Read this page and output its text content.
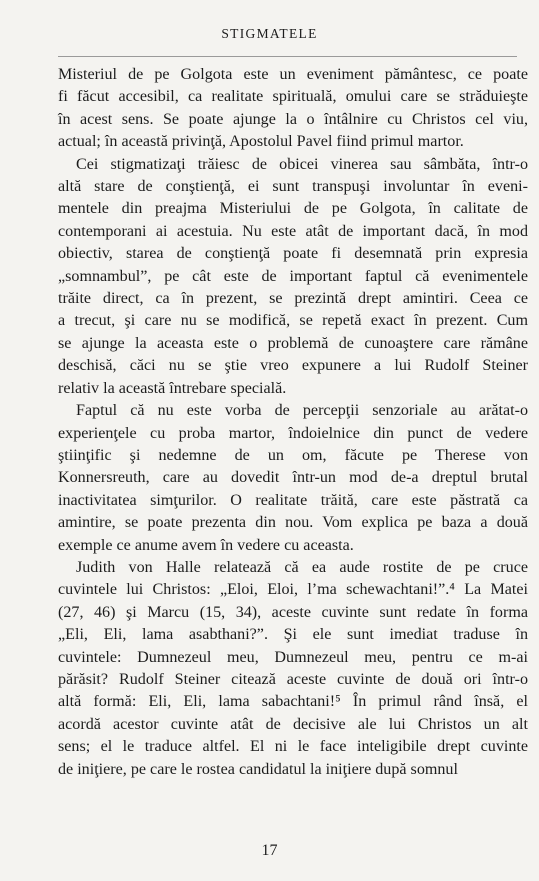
STIGMATELE

Misteriul de pe Golgota este un eveniment pământesc, ce poate
fi făcut accesibil, ca realitate spirituală, omului care se străduieşte
în acest sens. Se poate ajunge la o întâlnire cu Christos cel viu,
actual; în această privinţă, Apostolul Pavel fiind primul martor.

Cei stigmatizaţi trăiesc de obicei vinerea sau sâmbăta, într-o
altă stare de conştienţă, ei sunt transpuşi involuntar în eveni-
mentele din preajma Misteriului de pe Golgota, în calitate de
contemporani ai acestuia. Nu este atât de important dacă, în mod
obiectiv, starea de conştienţă poate fi desemnată prin expresia
„somnambul”, pe cât este de important faptul că evenimentele
trăite direct, ca în prezent, se prezintă drept amintiri. Ceea ce
a trecut, şi care nu se modifică, se repetă exact în prezent. Cum
se ajunge la aceasta este o problemă de cunoaştere care rămâne
deschisă, căci nu se ştie vreo expunere a lui Rudolf Steiner
relativ la această întrebare specială.

Faptul că nu este vorba de percepţii senzoriale au arătat-o
experienţele cu proba martor, îndoielnice din punct de vedere
ştiinţific şi nedemne de un om, făcute pe Therese von
Konnersreuth, care au dovedit într-un mod de-a dreptul brutal
inactivitatea simţurilor. O realitate trăită, care este păstrată ca
amintire, se poate prezenta din nou. Vom explica pe baza a două
exemple ce anume avem în vedere cu aceasta.

Judith von Halle relatează că ea aude rostite de pe cruce
cuvintele lui Christos: „Eloi, Eloi, l’ma schewachtani!”.⁴ La Matei
(27, 46) şi Marcu (15, 34), aceste cuvinte sunt redate în forma
„Eli, Eli, lama asabthani?”. Şi ele sunt imediat traduse în
cuvintele: Dumnezeul meu, Dumnezeul meu, pentru ce m-ai
părăsit? Rudolf Steiner citează aceste cuvinte de două ori într-o
altă formă: Eli, Eli, lama sabachtani!⁵ În primul rând însă, el
acordă acestor cuvinte atât de decisive ale lui Christos un alt
sens; el le traduce altfel. El ni le face inteligibile drept cuvinte
de iniţiere, pe care le rostea candidatul la iniţiere după somnul

17
